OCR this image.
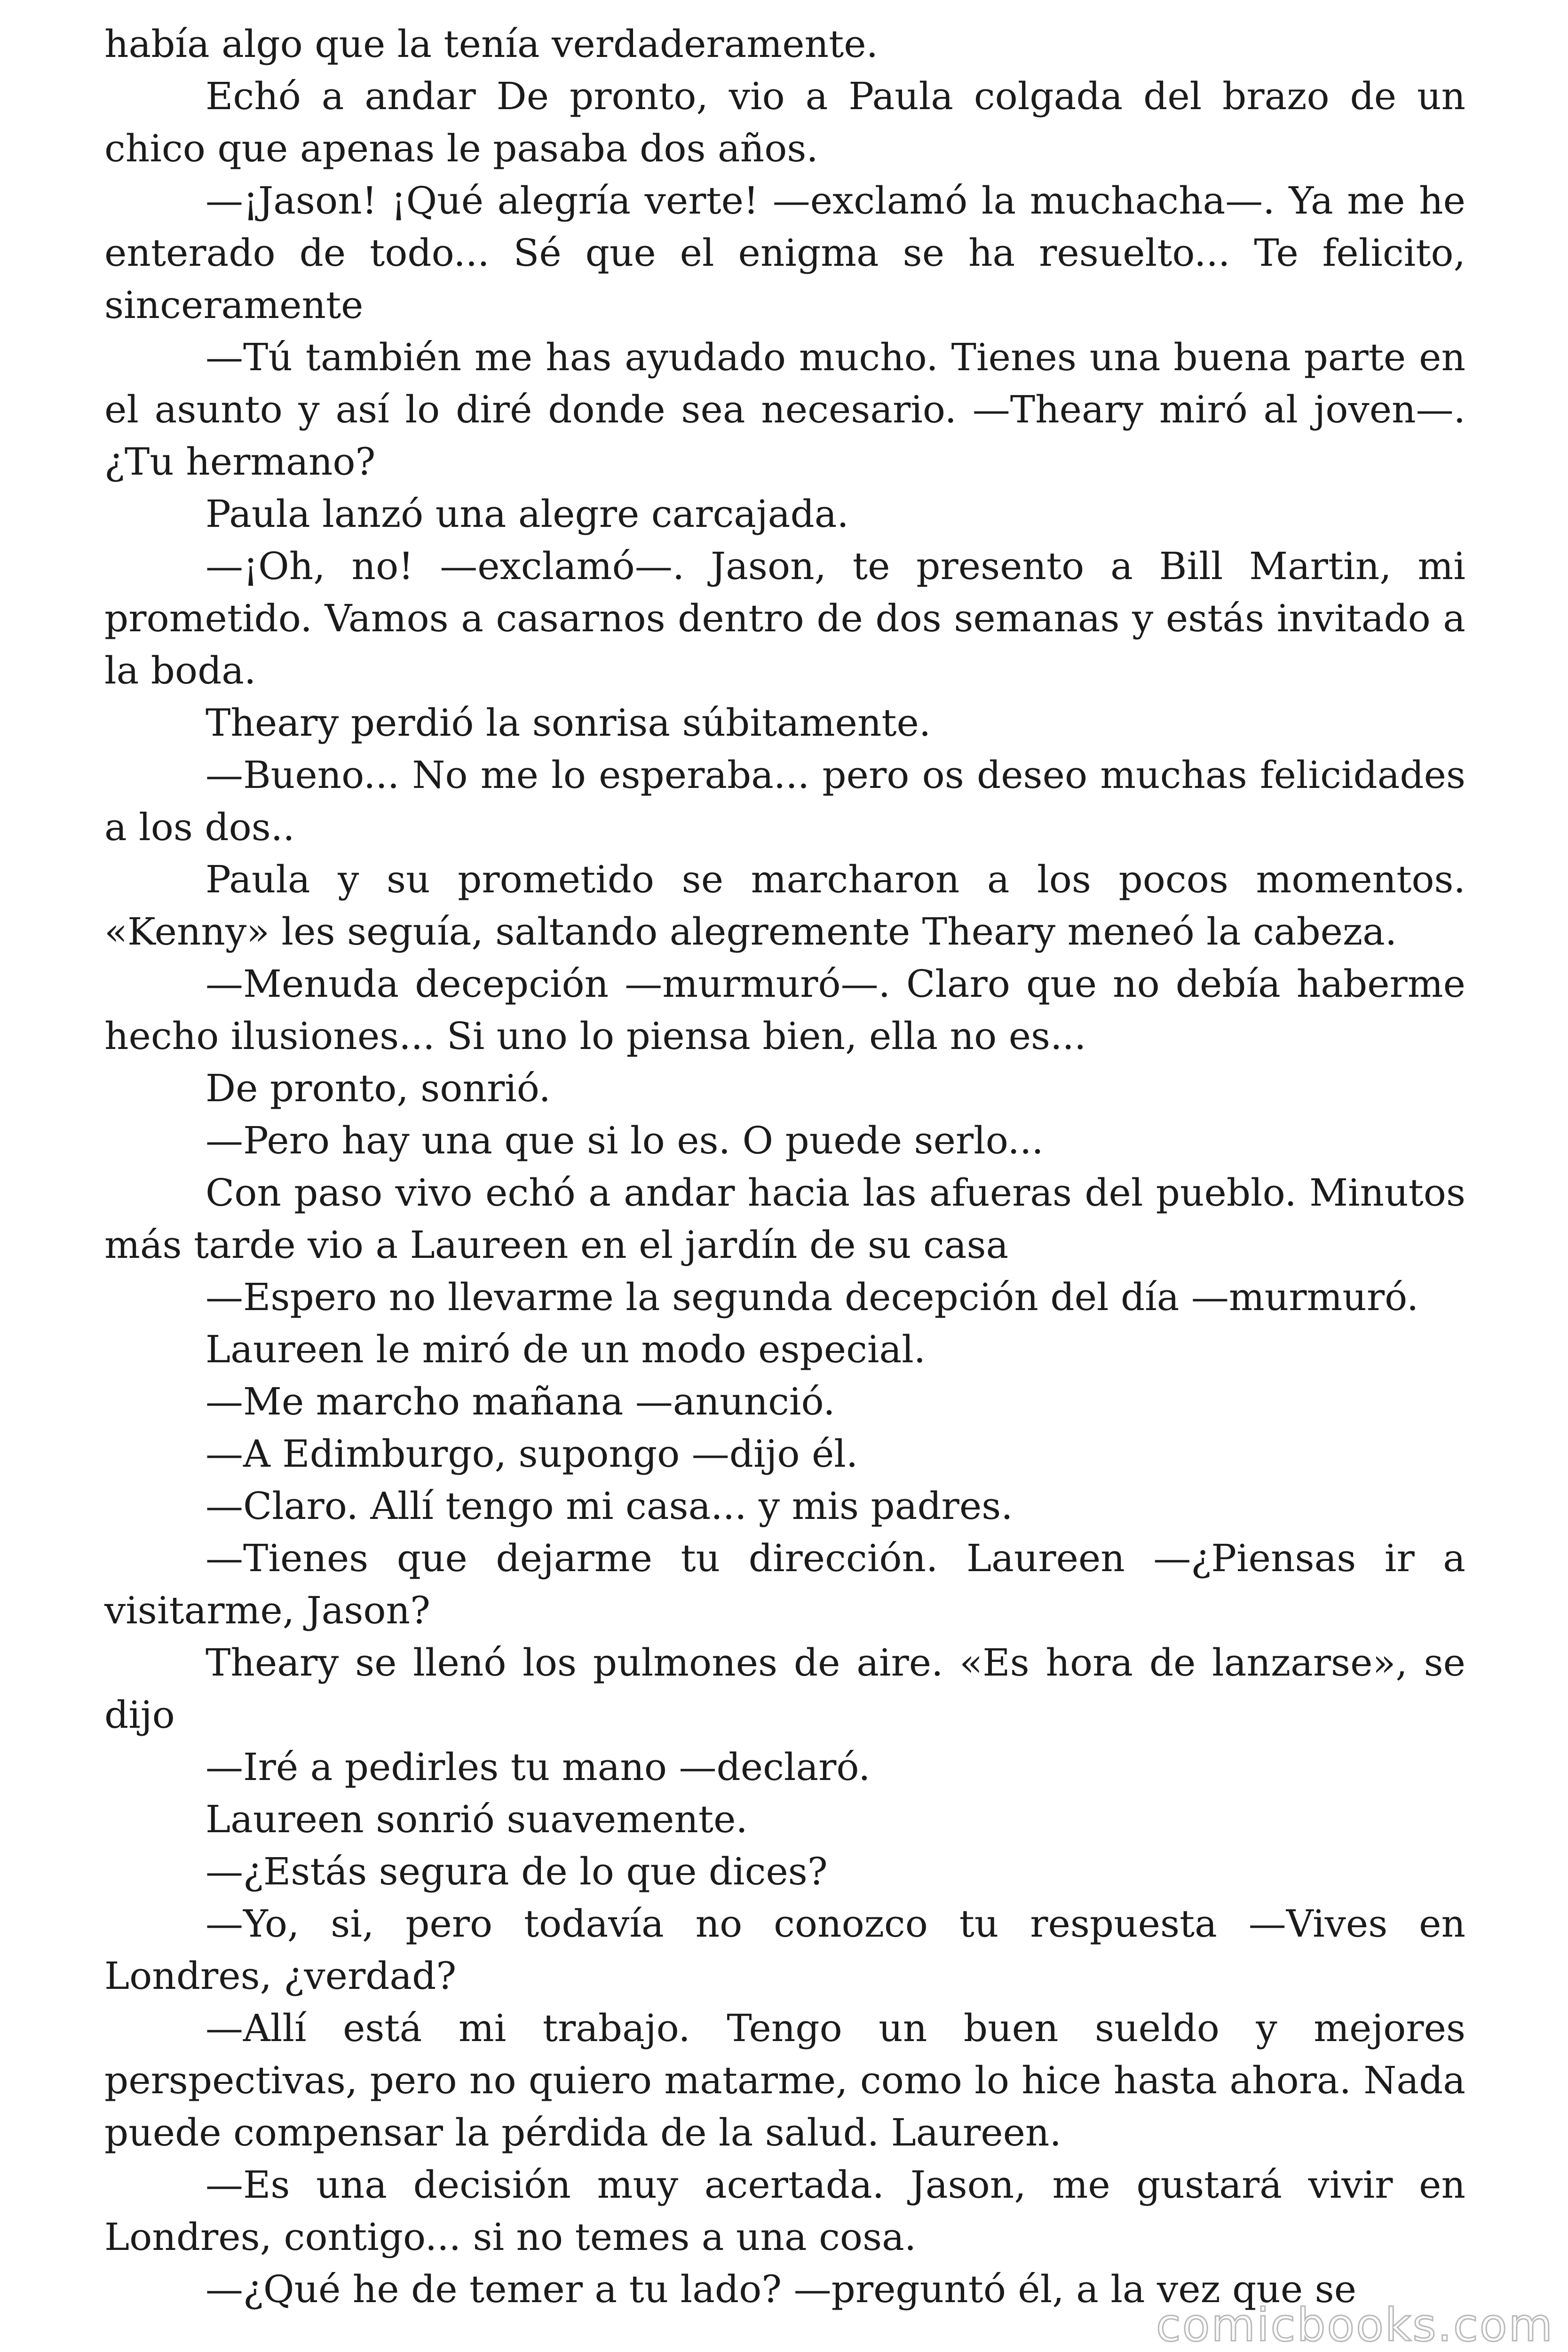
había algo que la tenía verdaderamente.

Echó a andar De pronto, vio a Paula colgada del brazo de un chico que apenas le pasaba dos años.

—¡Jason! ¡Qué alegría verte! —exclamó la muchacha—. Ya me he enterado de todo... Sé que el enigma se ha resuelto... Te felicito, sinceramente

—Tú también me has ayudado mucho. Tienes una buena parte en el asunto y así lo diré donde sea necesario. —Theary miró al joven—. ¿Tu hermano?

Paula lanzó una alegre carcajada.

—¡Oh, no! —exclamó—. Jason, te presento a Bill Martin, mi prometido. Vamos a casarnos dentro de dos semanas y estás invitado a la boda.

Theary perdió la sonrisa súbitamente.

—Bueno... No me lo esperaba... pero os deseo muchas felicidades a los dos..

Paula y su prometido se marcharon a los pocos momentos. «Kenny» les seguía, saltando alegremente Theary meneó la cabeza.

—Menuda decepción —murmuró—. Claro que no debía haberme hecho ilusiones... Si uno lo piensa bien, ella no es...

De pronto, sonrió.

—Pero hay una que si lo es. O puede serlo...

Con paso vivo echó a andar hacia las afueras del pueblo. Minutos más tarde vio a Laureen en el jardín de su casa

—Espero no llevarme la segunda decepción del día —murmuró.

Laureen le miró de un modo especial.

—Me marcho mañana —anunció.

—A Edimburgo, supongo —dijo él.

—Claro. Allí tengo mi casa... y mis padres.

—Tienes que dejarme tu dirección. Laureen —¿Piensas ir a visitarme, Jason?

Theary se llenó los pulmones de aire. «Es hora de lanzarse», se dijo

—Iré a pedirles tu mano —declaró.

Laureen sonrió suavemente.

—¿Estás segura de lo que dices?

—Yo, si, pero todavía no conozco tu respuesta —Vives en Londres, ¿verdad?

—Allí está mi trabajo. Tengo un buen sueldo y mejores perspectivas, pero no quiero matarme, como lo hice hasta ahora. Nada puede compensar la pérdida de la salud. Laureen.

—Es una decisión muy acertada. Jason, me gustará vivir en Londres, contigo... si no temes a una cosa.

—¿Qué he de temer a tu lado? —preguntó él, a la vez que se

comicbooks.com
